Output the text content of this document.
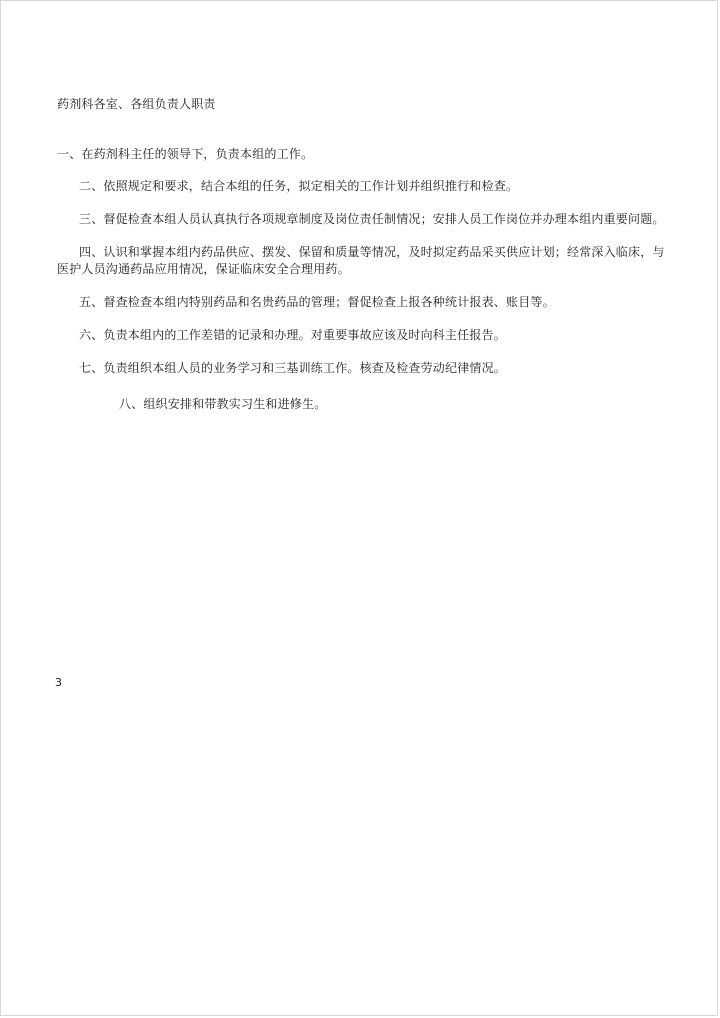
药剂科各室、各组负责人职责
一、在药剂科主任的领导下，负责本组的工作。
二、依照规定和要求，结合本组的任务，拟定相关的工作计划并组织推行和检查。
三、督促检查本组人员认真执行各项规章制度及岗位责任制情况；安排人员工作岗位并办理本组内重要问题。
四、认识和掌握本组内药品供应、摆发、保留和质量等情况，及时拟定药品采买供应计划；经常深入临床，与医护人员沟通药品应用情况，保证临床安全合理用药。
五、督查检查本组内特别药品和名贵药品的管理；督促检查上报各种统计报表、账目等。
六、负责本组内的工作差错的记录和办理。对重要事故应该及时向科主任报告。
七、负责组织本组人员的业务学习和三基训练工作。核查及检查劳动纪律情况。
八、组织安排和带教实习生和进修生。
3
